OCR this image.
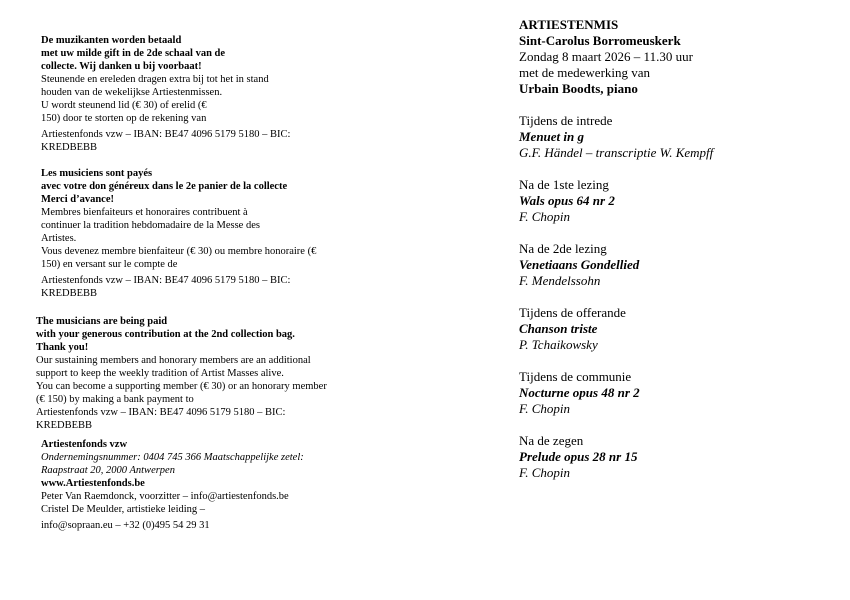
De muzikanten worden betaald

met uw milde gift in de 2de schaal van de

collecte. Wij danken u bij voorbaat!

Steunende en ereleden dragen extra bij tot het in stand

houden van de wekelijkse Artiestenmissen.

U wordt steunend lid (€ 30) of erelid (€

150) door te storten op de rekening van

Artiestenfonds vzw – IBAN: BE47 4096 5179 5180 – BIC:

KREDBEBB

Les musiciens sont payés

avec votre don généreux dans le 2e panier de la collecte

Merci d’avance!

Membres bienfaiteurs et honoraires contribuent à

continuer la tradition hebdomadaire de la Messe des

Artistes.

Vous devenez membre bienfaiteur (€ 30) ou membre honoraire (€

150) en versant sur le compte de

Artiestenfonds vzw – IBAN: BE47 4096 5179 5180 – BIC:

KREDBEBB

The musicians are being paid

with your generous contribution at the 2nd collection bag.

Thank you!

Our sustaining members and honorary members are an additional

support to keep the weekly tradition of Artist Masses alive.

You can become a supporting member (€ 30) or an honorary member

(€ 150) by making a bank payment to

Artiestenfonds vzw – IBAN: BE47 4096 5179 5180 – BIC:

KREDBEBB

Artiestenfonds vzw

Ondernemingsnummer: 0404 745 366 Maatschappelijke zetel:

Raapstraat 20, 2000 Antwerpen

www.Artiestenfonds.be

Peter Van Raemdonck, voorzitter – info@artiestenfonds.be

Cristel De Meulder, artistieke leiding –

info@sopraan.eu – +32 (0)495 54 29 31

ARTIESTENMIS

Sint-Carolus Borromeuskerk

Zondag 8 maart 2026 – 11.30 uur

met de medewerking van

Urbain Boodts, piano

Tijdens de intrede

Menuet in g

G.F. Händel – transcriptie W. Kempff

Na de 1ste lezing

Wals opus 64 nr 2

F. Chopin

Na de 2de lezing

Venetiaans Gondellied

F. Mendelssohn

Tijdens de offerande

Chanson triste

P. Tchaikowsky

Tijdens de communie

Nocturne opus 48 nr 2

F. Chopin

Na de zegen

Prelude opus 28 nr 15

F. Chopin
